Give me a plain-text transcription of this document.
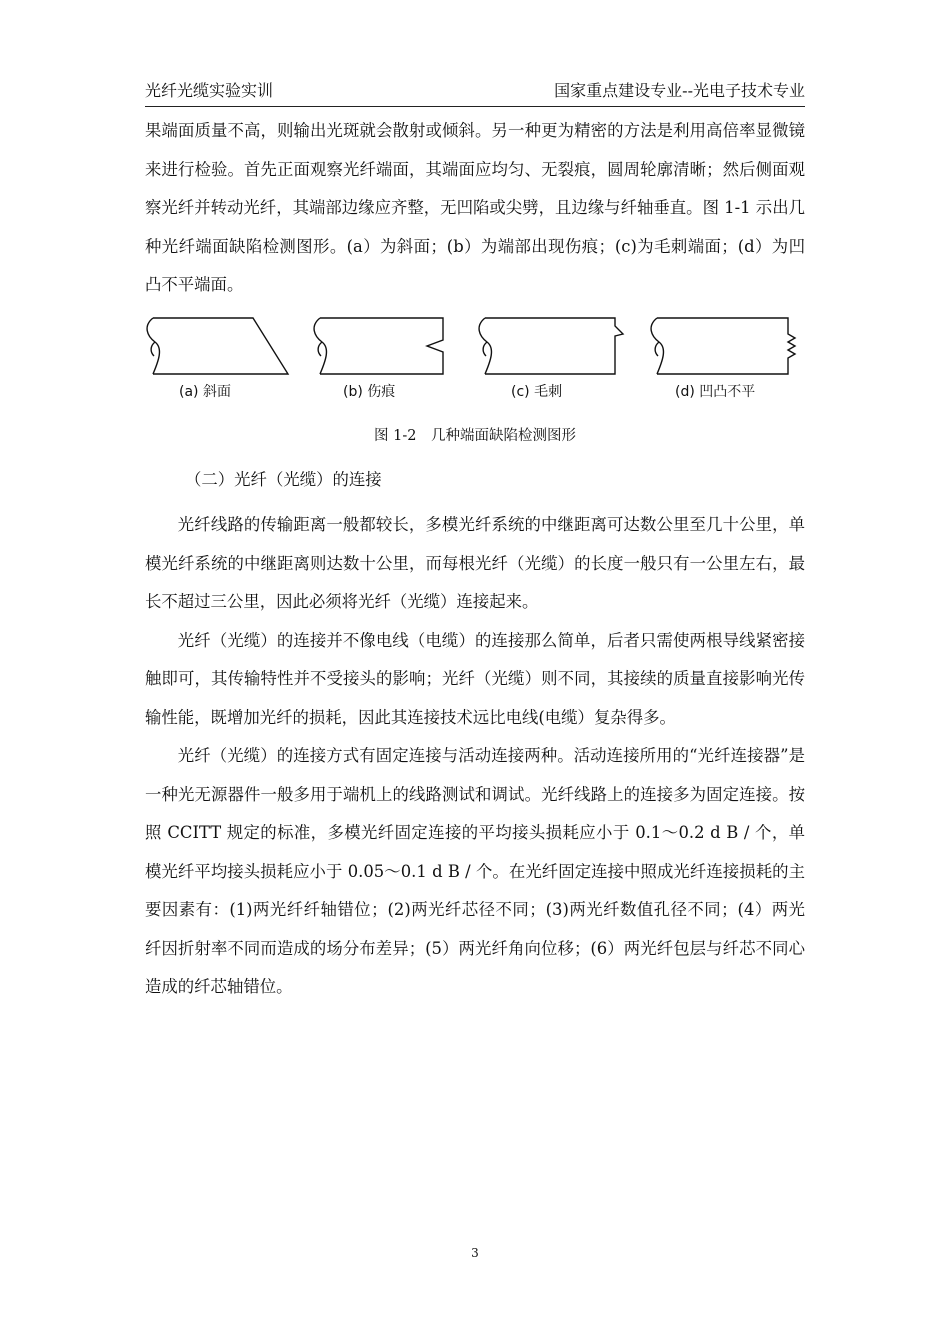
光纤光缆实验实训	国家重点建设专业--光电子技术专业

果端面质量不高，则输出光斑就会散射或倾斜。另一种更为精密的方法是利用高倍率显微镜来进行检验。首先正面观察光纤端面，其端面应均匀、无裂痕，圆周轮廓清晰；然后侧面观察光纤并转动光纤，其端部边缘应齐整，无凹陷或尖劈，且边缘与纤轴垂直。图 1-1 示出几种光纤端面缺陷检测图形。(a）为斜面；(b）为端部出现伤痕；(c)为毛刺端面；(d）为凹凸不平端面。

(a) 斜面	(b) 伤痕	(c) 毛刺	(d) 凹凸不平
图 1-2　几种端面缺陷检测图形
（二）光纤（光缆）的连接

光纤线路的传输距离一般都较长，多模光纤系统的中继距离可达数公里至几十公里，单模光纤系统的中继距离则达数十公里，而每根光纤（光缆）的长度一般只有一公里左右，最长不超过三公里，因此必须将光纤（光缆）连接起来。

光纤（光缆）的连接并不像电线（电缆）的连接那么简单，后者只需使两根导线紧密接触即可，其传输特性并不受接头的影响；光纤（光缆）则不同，其接续的质量直接影响光传输性能，既增加光纤的损耗，因此其连接技术远比电线(电缆）复杂得多。

光纤（光缆）的连接方式有固定连接与活动连接两种。活动连接所用的“光纤连接器”是一种光无源器件一般多用于端机上的线路测试和调试。光纤线路上的连接多为固定连接。按照 CCITT 规定的标准，多模光纤固定连接的平均接头损耗应小于 0.1～0.2 d B / 个，单模光纤平均接头损耗应小于 0.05～0.1 d B / 个。在光纤固定连接中照成光纤连接损耗的主要因素有：(1)两光纤纤轴错位；(2)两光纤芯径不同；(3)两光纤数值孔径不同；(4）两光纤因折射率不同而造成的场分布差异；(5）两光纤角向位移；(6）两光纤包层与纤芯不同心造成的纤芯轴错位。

3
